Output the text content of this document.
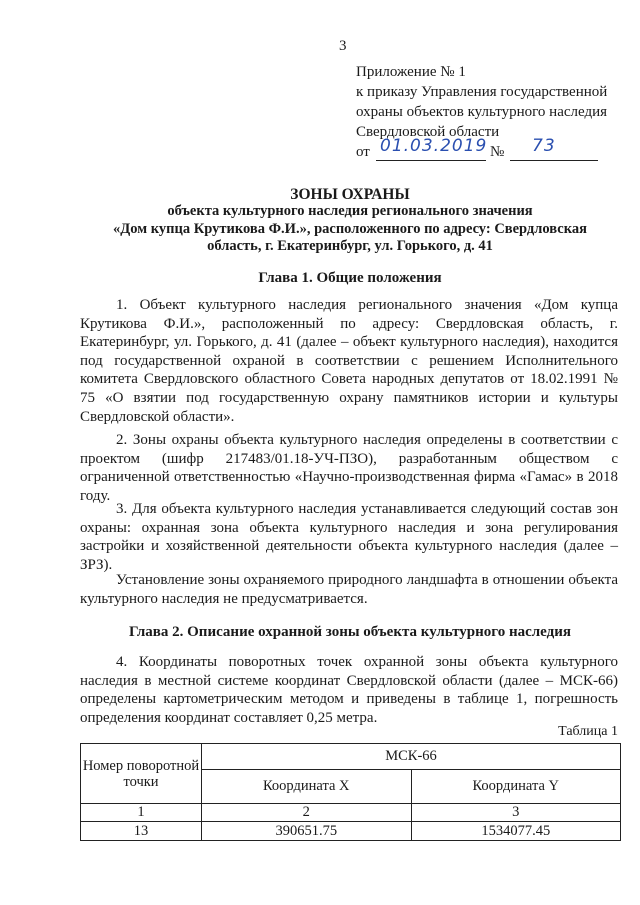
3
Приложение № 1
к приказу Управления государственной
охраны объектов культурного наследия
Свердловской области
от 01.03.2019 № 73
ЗОНЫ ОХРАНЫ
объекта культурного наследия регионального значения
«Дом купца Крутикова Ф.И.», расположенного по адресу: Свердловская
область, г. Екатеринбург, ул. Горького, д. 41
Глава 1. Общие положения
1. Объект культурного наследия регионального значения «Дом купца Крутикова Ф.И.», расположенный по адресу: Свердловская область, г. Екатеринбург, ул. Горького, д. 41 (далее – объект культурного наследия), находится под государственной охраной в соответствии с решением Исполнительного комитета Свердловского областного Совета народных депутатов от 18.02.1991 № 75 «О взятии под государственную охрану памятников истории и культуры Свердловской области».
2. Зоны охраны объекта культурного наследия определены в соответствии с проектом (шифр 217483/01.18-УЧ-ПЗО), разработанным обществом с ограниченной ответственностью «Научно-производственная фирма «Гамас» в 2018 году.
3. Для объекта культурного наследия устанавливается следующий состав зон охраны: охранная зона объекта культурного наследия и зона регулирования застройки и хозяйственной деятельности объекта культурного наследия (далее – ЗРЗ).
Установление зоны охраняемого природного ландшафта в отношении объекта культурного наследия не предусматривается.
Глава 2. Описание охранной зоны объекта культурного наследия
4. Координаты поворотных точек охранной зоны объекта культурного наследия в местной системе координат Свердловской области (далее – МСК-66) определены картометрическим методом и приведены в таблице 1, погрешность определения координат составляет 0,25 метра.
Таблица 1
Номер поворотной точки	МСК-66	
	Координата X	Координата Y
1	2	3
13	390651.75	1534077.45
